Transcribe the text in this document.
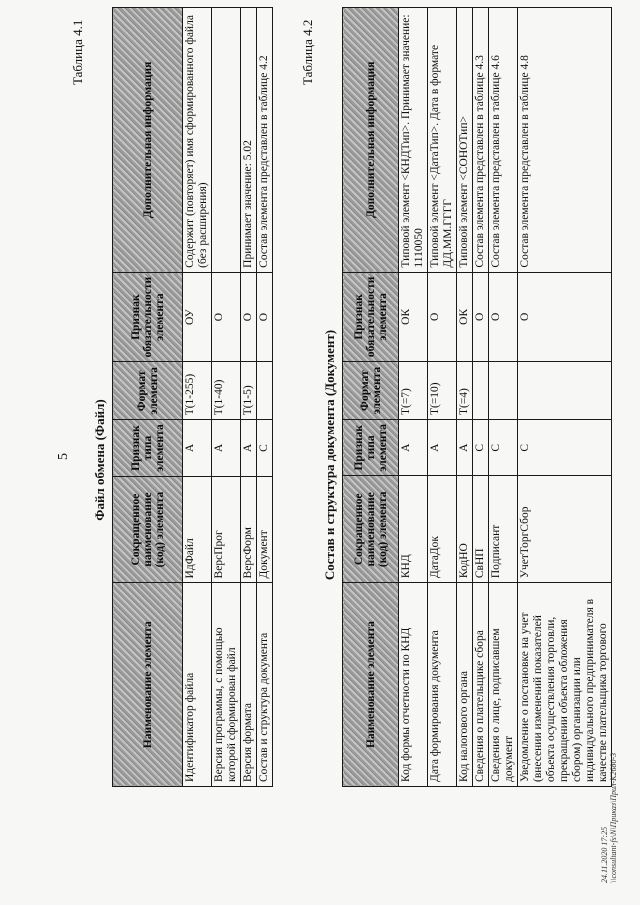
5
Таблица 4.1
Файл обмена (Файл)
Наименование элемента	Сокращенное наименование (код) элемента	Признак типа элемента	Формат элемента	Признак обязательности элемента	Дополнительная информация
Идентификатор файла	ИдФайл	А	Т(1-255)	ОУ	Содержит (повторяет) имя сформированного файла (без расширения)
Версия программы, с помощью которой сформирован файл	ВерсПрог	А	Т(1-40)	О	
Версия формата	ВерсФорм	А	Т(1-5)	О	Принимает значение: 5.02
Состав и структура документа	Документ	С		О	Состав элемента представлен в таблице 4.2
Таблица 4.2
Состав и структура документа (Документ)
Наименование элемента	Сокращенное наименование (код) элемента	Признак типа элемента	Формат элемента	Признак обязательности элемента	Дополнительная информация
Код формы отчетности по КНД	КНД	А	Т(=7)	ОК	Типовой элемент <КНДТип>. Принимает значение: 1110050
Дата формирования документа	ДатаДок	А	Т(=10)	О	Типовой элемент <ДатаТип>. Дата в формате ДД.ММ.ГГГГ
Код налогового органа	КодНО	А	Т(=4)	ОК	Типовой элемент <СОНОТип>
Сведения о плательщике сбора	СвНП	С		О	Состав элемента представлен в таблице 4.3
Сведения о лице, подписавшем документ	Подписант	С		О	Состав элемента представлен в таблице 4.6
Уведомление о постановке на учет (внесении изменений показателей объекта осуществления торговли, прекращении объекта обложения сбором) организации или индивидуального предпринимателя в качестве плательщика торгового	УчетТоргСбор	С		О	Состав элемента представлен в таблице 4.8
24.11.2020 17:25 \\consultant-fs\N\Приказ\Прил-К2680-3
